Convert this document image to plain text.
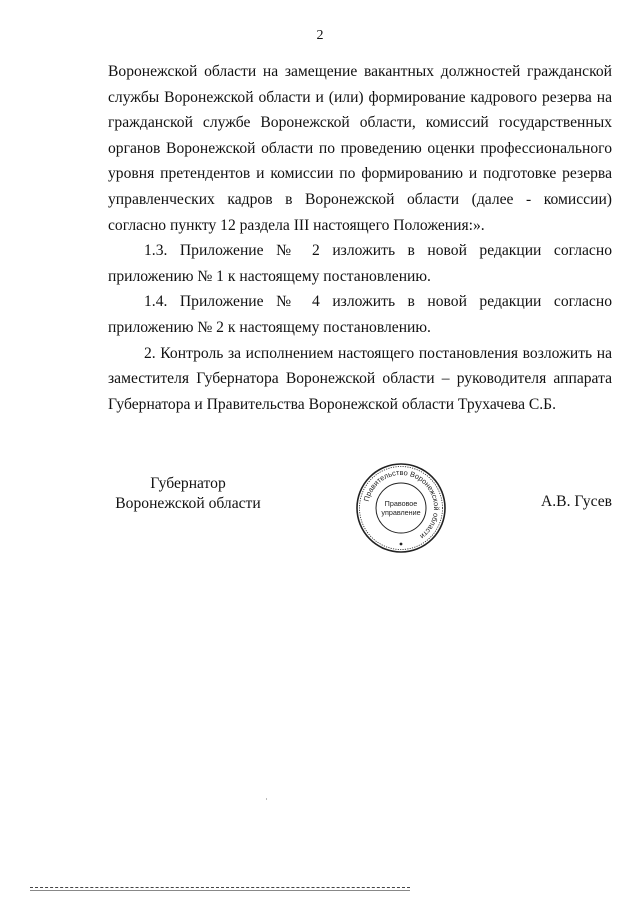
2

Воронежской области на замещение вакантных должностей гражданской службы Воронежской области и (или) формирование кадрового резерва на гражданской службе Воронежской области, комиссий государственных органов Воронежской области по проведению оценки профессионального уровня претендентов и комиссии по формированию и подготовке резерва управленческих кадров в Воронежской области (далее - комиссии) согласно пункту 12 раздела III настоящего Положения:».

1.3. Приложение № 2 изложить в новой редакции согласно приложению № 1 к настоящему постановлению.

1.4. Приложение № 4 изложить в новой редакции согласно приложению № 2 к настоящему постановлению.

2. Контроль за исполнением настоящего постановления возложить на заместителя Губернатора Воронежской области – руководителя аппарата Губернатора и Правительства Воронежской области Трухачева С.Б.

Губернатор
Воронежской области	Правительство Воронежской области
Правовое
управление
А.В. Гусев
